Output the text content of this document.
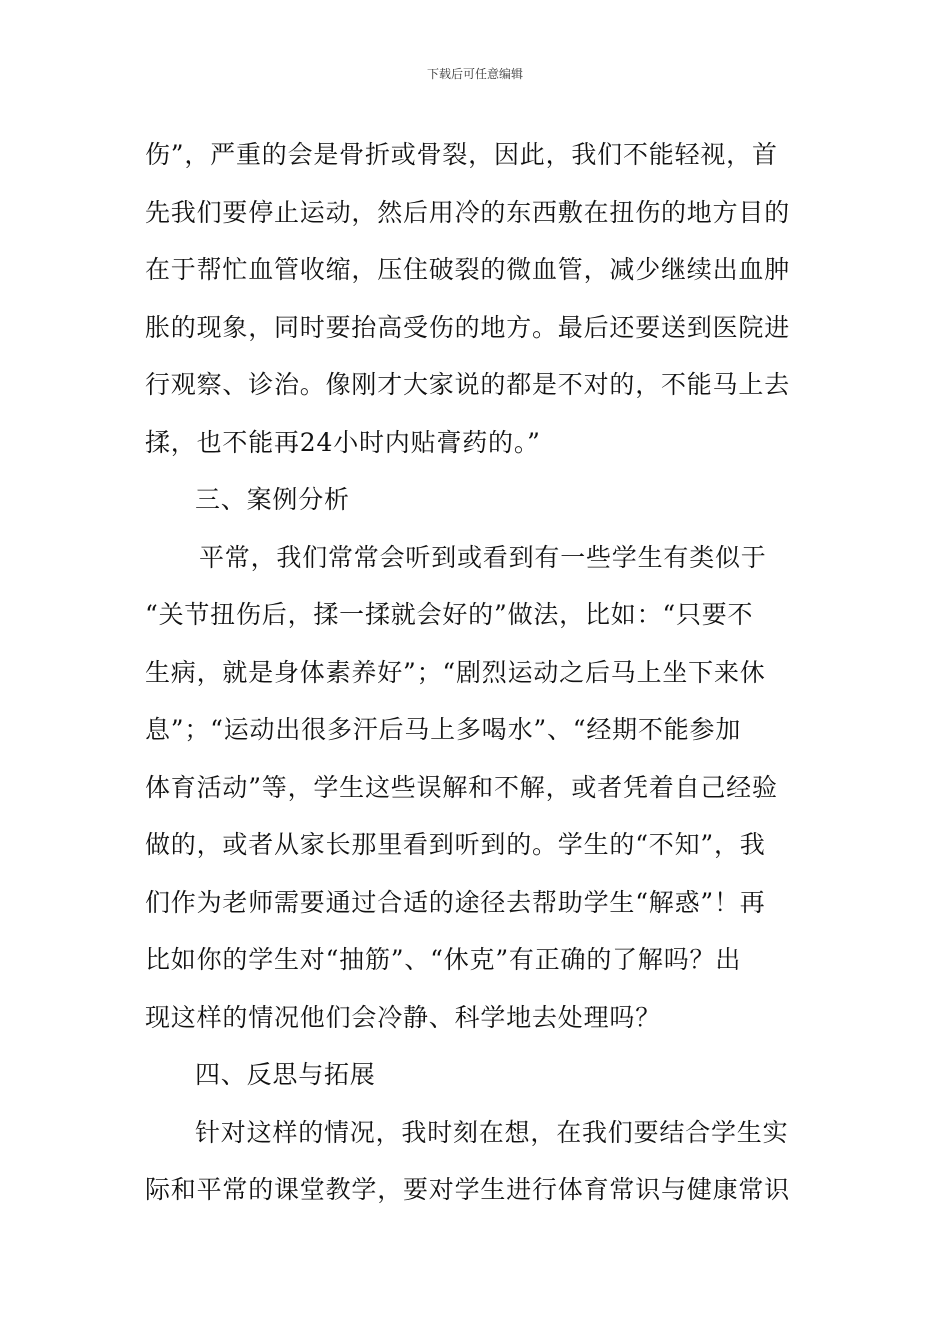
下载后可任意编辑
伤”，严重的会是骨折或骨裂，因此，我们不能轻视，首
先我们要停止运动，然后用冷的东西敷在扭伤的地方目的
在于帮忙血管收缩，压住破裂的微血管，减少继续出血肿
胀的现象，同时要抬高受伤的地方。最后还要送到医院进
行观察、诊治。像刚才大家说的都是不对的，不能马上去
揉，也不能再24小时内贴膏药的。”
三、案例分析
平常，我们常常会听到或看到有一些学生有类似于
“关节扭伤后，揉一揉就会好的”做法，比如：“只要不
生病，就是身体素养好”；“剧烈运动之后马上坐下来休
息”；“运动出很多汗后马上多喝水”、“经期不能参加
体育活动”等，学生这些误解和不解，或者凭着自己经验
做的，或者从家长那里看到听到的。学生的“不知”，我
们作为老师需要通过合适的途径去帮助学生“解惑”！再
比如你的学生对“抽筋”、“休克”有正确的了解吗？出
现这样的情况他们会冷静、科学地去处理吗？
四、反思与拓展
针对这样的情况，我时刻在想，在我们要结合学生实
际和平常的课堂教学，要对学生进行体育常识与健康常识
